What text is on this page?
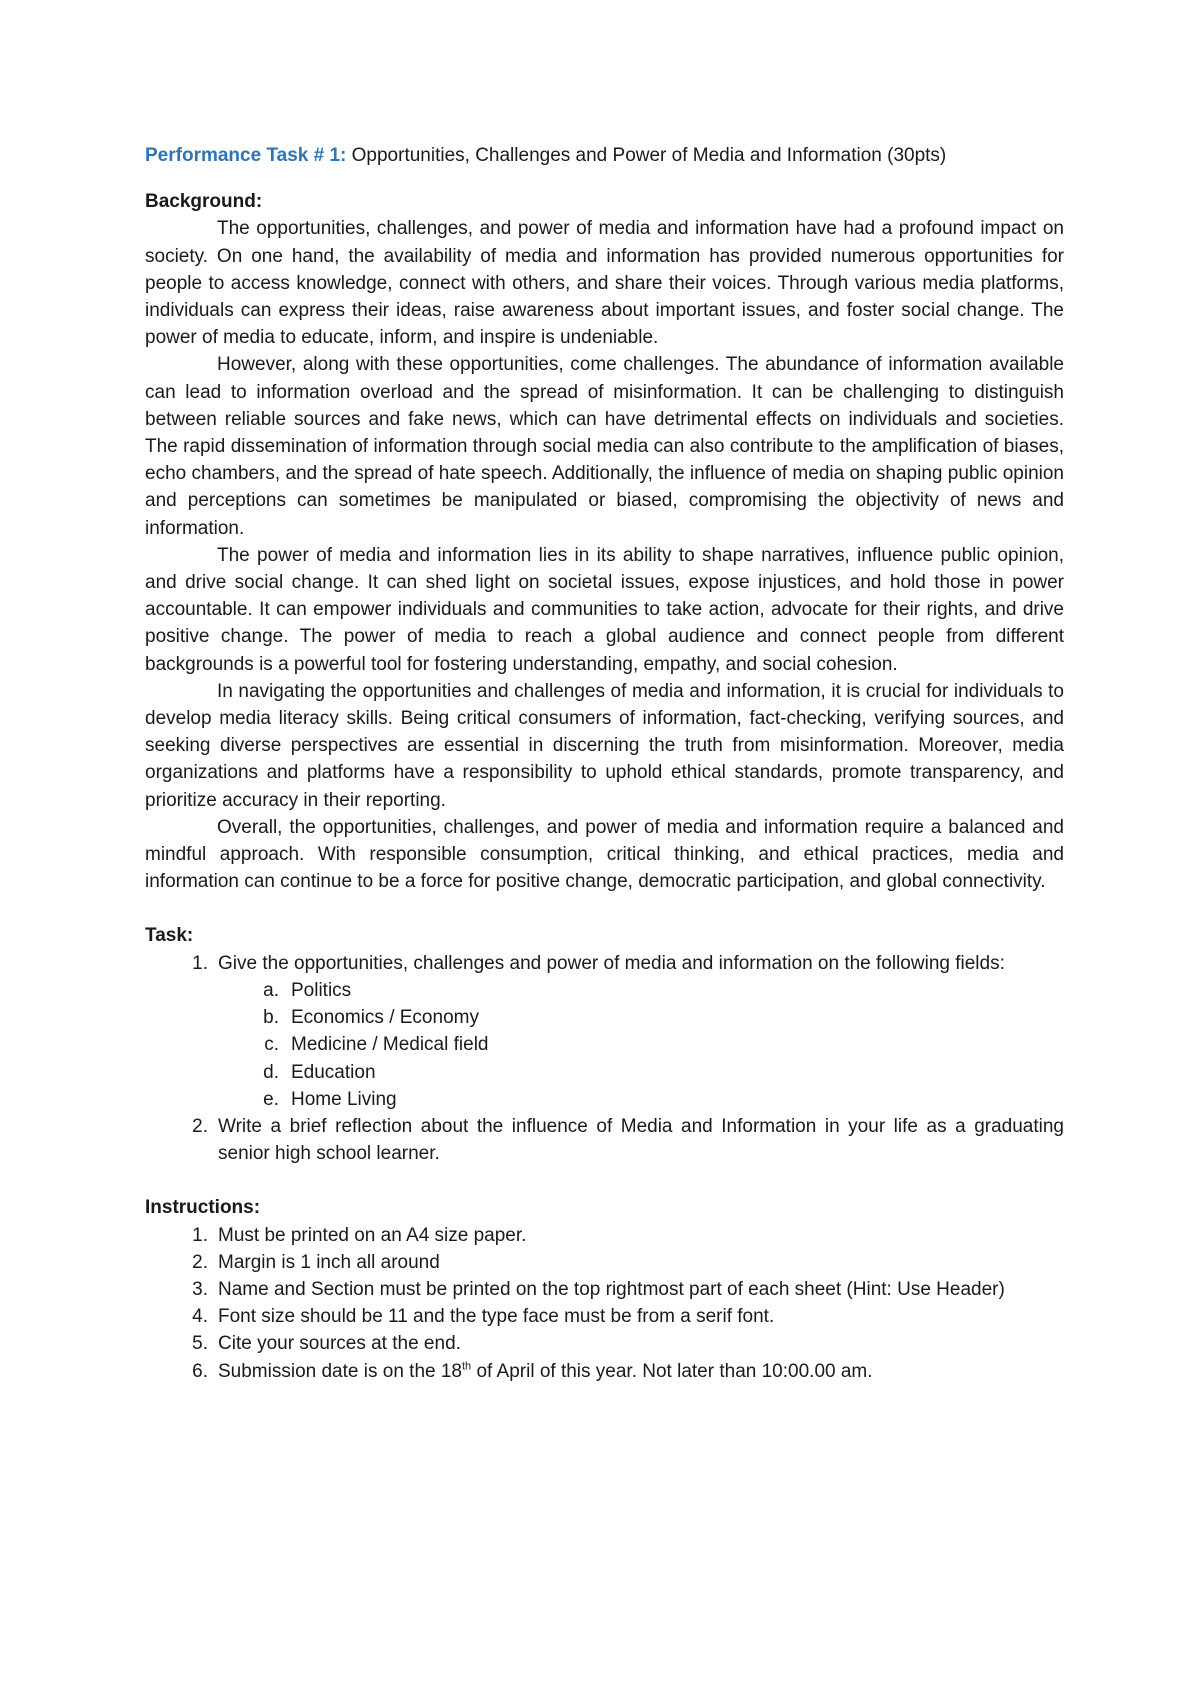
Performance Task # 1: Opportunities, Challenges and Power of Media and Information (30pts)

Background:

The opportunities, challenges, and power of media and information have had a profound impact on society. On one hand, the availability of media and information has provided numerous opportunities for people to access knowledge, connect with others, and share their voices. Through various media platforms, individuals can express their ideas, raise awareness about important issues, and foster social change. The power of media to educate, inform, and inspire is undeniable.

However, along with these opportunities, come challenges. The abundance of information available can lead to information overload and the spread of misinformation. It can be challenging to distinguish between reliable sources and fake news, which can have detrimental effects on individuals and societies. The rapid dissemination of information through social media can also contribute to the amplification of biases, echo chambers, and the spread of hate speech. Additionally, the influence of media on shaping public opinion and perceptions can sometimes be manipulated or biased, compromising the objectivity of news and information.

The power of media and information lies in its ability to shape narratives, influence public opinion, and drive social change. It can shed light on societal issues, expose injustices, and hold those in power accountable. It can empower individuals and communities to take action, advocate for their rights, and drive positive change. The power of media to reach a global audience and connect people from different backgrounds is a powerful tool for fostering understanding, empathy, and social cohesion.

In navigating the opportunities and challenges of media and information, it is crucial for individuals to develop media literacy skills. Being critical consumers of information, fact-checking, verifying sources, and seeking diverse perspectives are essential in discerning the truth from misinformation. Moreover, media organizations and platforms have a responsibility to uphold ethical standards, promote transparency, and prioritize accuracy in their reporting.

Overall, the opportunities, challenges, and power of media and information require a balanced and mindful approach. With responsible consumption, critical thinking, and ethical practices, media and information can continue to be a force for positive change, democratic participation, and global connectivity.

Task:

1. Give the opportunities, challenges and power of media and information on the following fields:
a. Politics
b. Economics / Economy
c. Medicine / Medical field
d. Education
e. Home Living
2. Write a brief reflection about the influence of Media and Information in your life as a graduating senior high school learner.

Instructions:

1. Must be printed on an A4 size paper.
2. Margin is 1 inch all around
3. Name and Section must be printed on the top rightmost part of each sheet (Hint: Use Header)
4. Font size should be 11 and the type face must be from a serif font.
5. Cite your sources at the end.
6. Submission date is on the 18th of April of this year. Not later than 10:00.00 am.
